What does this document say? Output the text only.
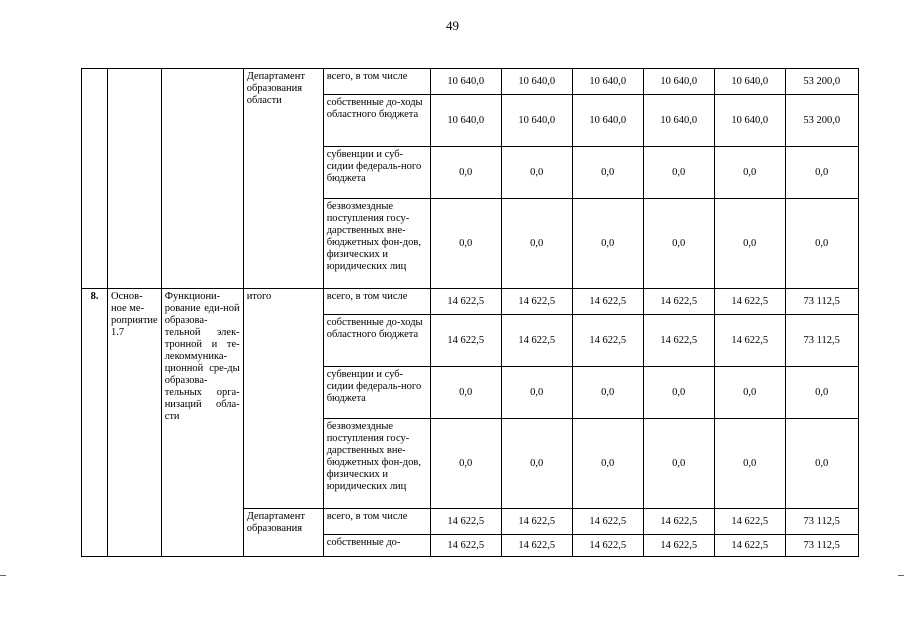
49
			Департамент образования области	всего, в том числе	10 640,0	10 640,0	10 640,0	10 640,0	10 640,0	53 200,0
				собственные до-ходы областного бюджета	10 640,0	10 640,0	10 640,0	10 640,0	10 640,0	53 200,0
				субвенции и суб-сидии федераль-ного бюджета	0,0	0,0	0,0	0,0	0,0	0,0
				безвозмездные поступления госу-дарственных вне-бюджетных фон-дов, физических и юридических лиц	0,0	0,0	0,0	0,0	0,0	0,0
8.	Основ-ное ме-роприятие 1.7	Функциони-рование еди-ной образова-тельной элек-тронной и те-лекоммуника-ционной сре-ды образова-тельных орга-низаций обла-сти	итого	всего, в том числе	14 622,5	14 622,5	14 622,5	14 622,5	14 622,5	73 112,5
				собственные до-ходы областного бюджета	14 622,5	14 622,5	14 622,5	14 622,5	14 622,5	73 112,5
				субвенции и суб-сидии федераль-ного бюджета	0,0	0,0	0,0	0,0	0,0	0,0
				безвозмездные поступления госу-дарственных вне-бюджетных фон-дов, физических и юридических лиц	0,0	0,0	0,0	0,0	0,0	0,0
			Департамент образования	всего, в том числе	14 622,5	14 622,5	14 622,5	14 622,5	14 622,5	73 112,5
				собственные до-	14 622,5	14 622,5	14 622,5	14 622,5	14 622,5	73 112,5
